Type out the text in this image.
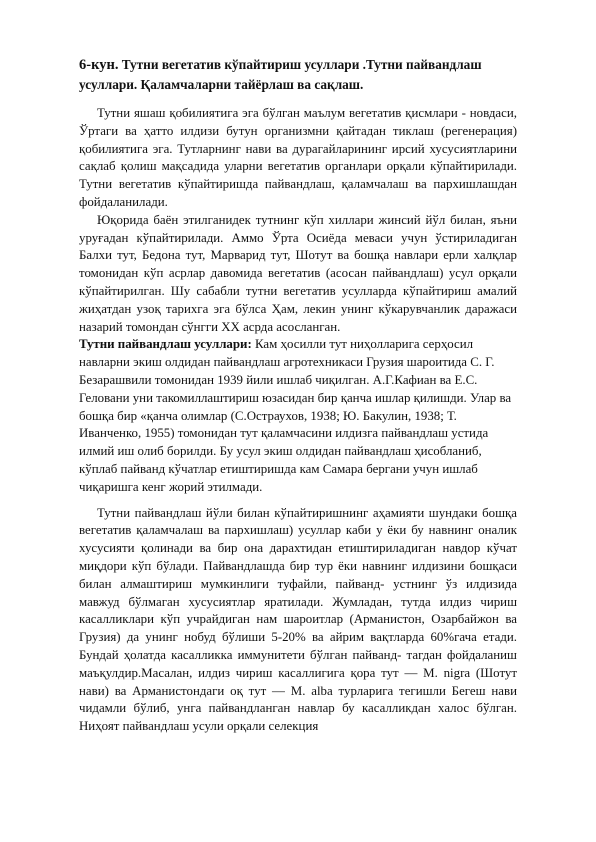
6-кун. Тутни вегетатив кўпайтириш усуллари .Тутни пайвандлаш усуллари. Қаламчаларни тайёрлаш ва сақлаш.

Тутни яшаш қобилиятига эга бўлган маълум вегетатив қисмлари - новдаси, Ўртаги ва ҳатто илдизи бутун организмни қайтадан тиклаш (регенерация) қобилиятига эга. Тутларнинг нави ва дурагайларининг ирсий хусусиятларини сақлаб қолиш мақсадида уларни вегетатив органлари орқали кўпайтирилади. Тутни вегетатив кўпайтиришда пайвандлаш, қаламчалаш ва пархишлашдан фойдаланилади.

Юқорида баён этилганидек тутнинг кўп хиллари жинсий йўл билан, яъни уруғадан кўпайтирилади. Аммо Ўрта Осиёда меваси учун ўстириладиган Балхи тут, Бедона тут, Марварид тут, Шотут ва бошқа навлари ерли халқлар томонидан кўп асрлар давомида вегетатив (асосан пайвандлаш) усул орқали кўпайтирилган. Шу сабабли тутни вегетатив усулларда кўпайтириш амалий жиҳатдан узоқ тарихга эга бўлса Ҳам, лекин унинг кўкарувчанлик даражаси назарий томондан сўнгги XX асрда асосланган.

Тутни пайвандлаш усуллари: Кам ҳосилли тут ниҳолларига серҳосил навларни экиш олдидан пайвандлаш агротехникаси Грузия шароитида С. Г. Безарашвили томонидан 1939 йили ишлаб чиқилган. А.Г.Кафиан ва Е.С. Геловани уни такомиллаштириш юзасидан бир қанча ишлар қилишди. Улар ва бошқа бир «қанча олимлар (С.Остраухов, 1938; Ю. Бакулин, 1938; Т. Иванченко, 1955) томонидан тут қаламчасини илдизга пайвандлаш устида илмий иш олиб борилди. Бу усул экиш олдидан пайвандлаш ҳисобланиб, кўплаб пайванд кўчатлар етиштиришда кам Самара бергани учун ишлаб чиқаришга кенг жорий этилмади.

Тутни пайвандлаш йўли билан кўпайтиришнинг аҳамияти шундаки бошқа вегетатив қаламчалаш ва пархишлаш) усуллар каби у ёки бу навнинг оналик хусусияти қолинади ва бир она дарахтидан етиштириладиган навдор кўчат миқдори кўп бўлади. Пайвандлашда бир тур ёки навнинг илдизини бошқаси билан алмаштириш мумкинлиги туфайли, пайванд- устнинг ўз илдизида мавжуд бўлмаган хусусиятлар яратилади. Жумладан, тутда илдиз чириш касалликлари кўп учрайдиган нам шароитлар (Арманистон, Озарбайжон ва Грузия) да унинг нобуд бўлиши 5-20% ва айрим вақтларда 60%гача етади. Бундай ҳолатда касалликка иммунитети бўлган пайванд- тагдан фойдаланиш маъқулдир.Масалан, илдиз чириш касаллигига қора тут — M. nigra (Шотут нави) ва Арманистондаги оқ тут — M. alba турларига тегишли Бегеш нави чидамли бўлиб, унга пайвандланган навлар бу касалликдан халос бўлган. Ниҳоят пайвандлаш усули орқали селекция
